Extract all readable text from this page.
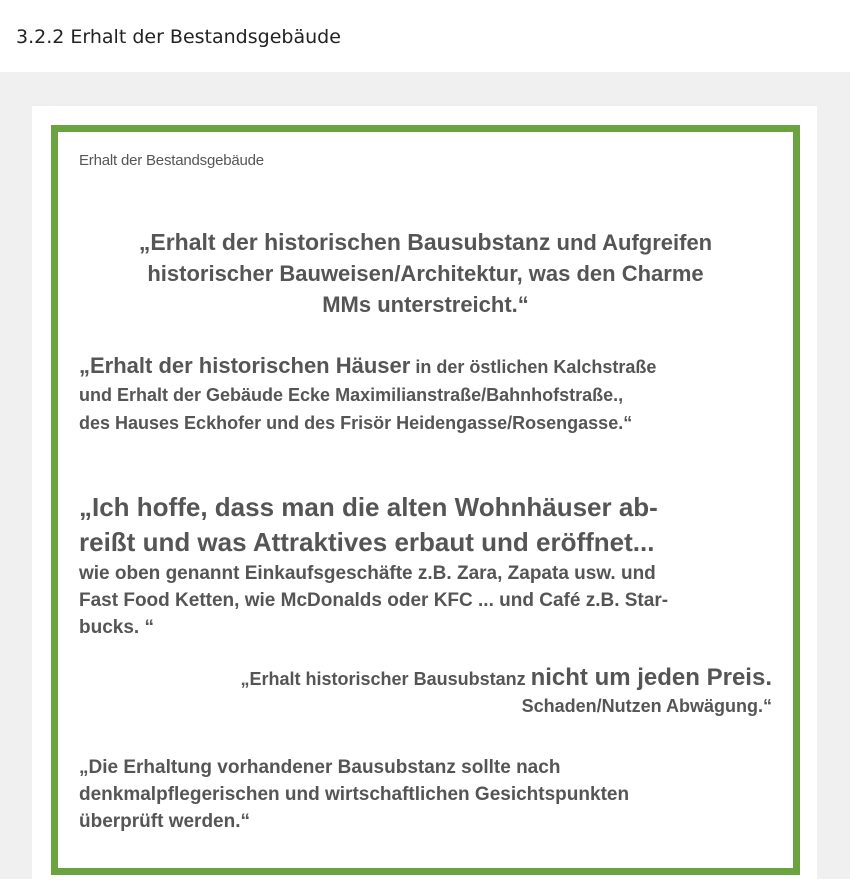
3.2.2 Erhalt der Bestandsgebäude
Erhalt der Bestandsgebäude
„Erhalt der historischen Bausubstanz und Aufgreifen
historischer Bauweisen/Architektur, was den Charme
MMs unterstreicht.“
„Erhalt der historischen Häuser in der östlichen Kalchstraße
und Erhalt der Gebäude Ecke Maximilianstraße/Bahnhofstraße.,
des Hauses Eckhofer und des Frisör Heidengasse/Rosengasse.“
„Ich hoffe, dass man die alten Wohnhäuser ab-
reißt und was Attraktives erbaut und eröffnet...
wie oben genannt Einkaufsgeschäfte z.B. Zara, Zapata usw. und
Fast Food Ketten, wie McDonalds oder KFC ... und Café z.B. Star-
bucks. “
„Erhalt historischer Bausubstanz nicht um jeden Preis.
Schaden/Nutzen Abwägung.“
„Die Erhaltung vorhandener Bausubstanz sollte nach
denkmalpflegerischen und wirtschaftlichen Gesichtspunkten
überprüft werden.“
